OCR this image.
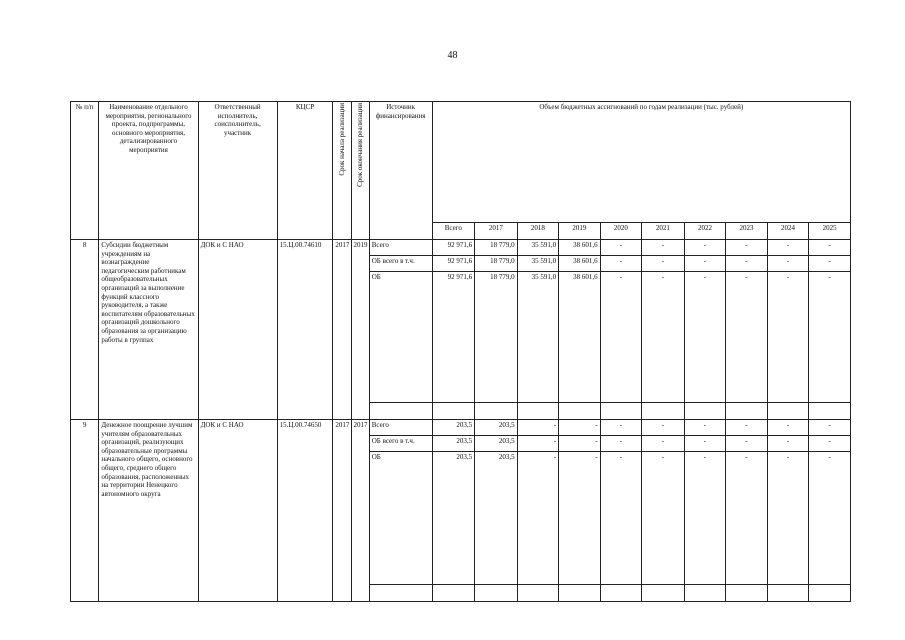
48
№ п/п	Наименование отдельного мероприятия, регионального проекта, подпрограммы, основного мероприятия, детализированного мероприятия	Ответственный исполнитель, соисполнитель, участник	КЦСР	Срок начала реализации	Срок окончания реализации	Источник финансирования	Объем бюджетных ассигнований по годам реализации (тыс. рублей)									
							Всего	2017	2018	2019	2020	2021	2022	2023	2024	2025
8	Субсидии бюджетным учреждениям на вознаграждение педагогическим работникам общеобразовательных организаций за выполнение функций классного руководителя, а также воспитателям образовательных организаций дошкольного образования за организацию работы в группах	ДОК и С НАО	15.Ц.00.74610	2017	2019	Всего	92 971,6	18 779,0	35 591,0	38 601,6	-	-	-	-	-	-
						ОБ всего в т.ч.	92 971,6	18 779,0	35 591,0	38 601,6	-	-	-	-	-	-
						ОБ	92 971,6	18 779,0	35 591,0	38 601,6	-	-	-	-	-	-

9	Денежное поощрение лучшим учителям образовательных организаций, реализующих образовательные программы начального общего, основного общего, среднего общего образования, расположенных на территории Ненецкого автономного округа	ДОК и С НАО	15.Ц.00.74650	2017	2017	Всего	203,5	203,5	-	-	-	-	-	-	-	-
						ОБ всего в т.ч.	203,5	203,5	-	-	-	-	-	-	-	-
						ОБ	203,5	203,5	-	-	-	-	-	-	-	-
